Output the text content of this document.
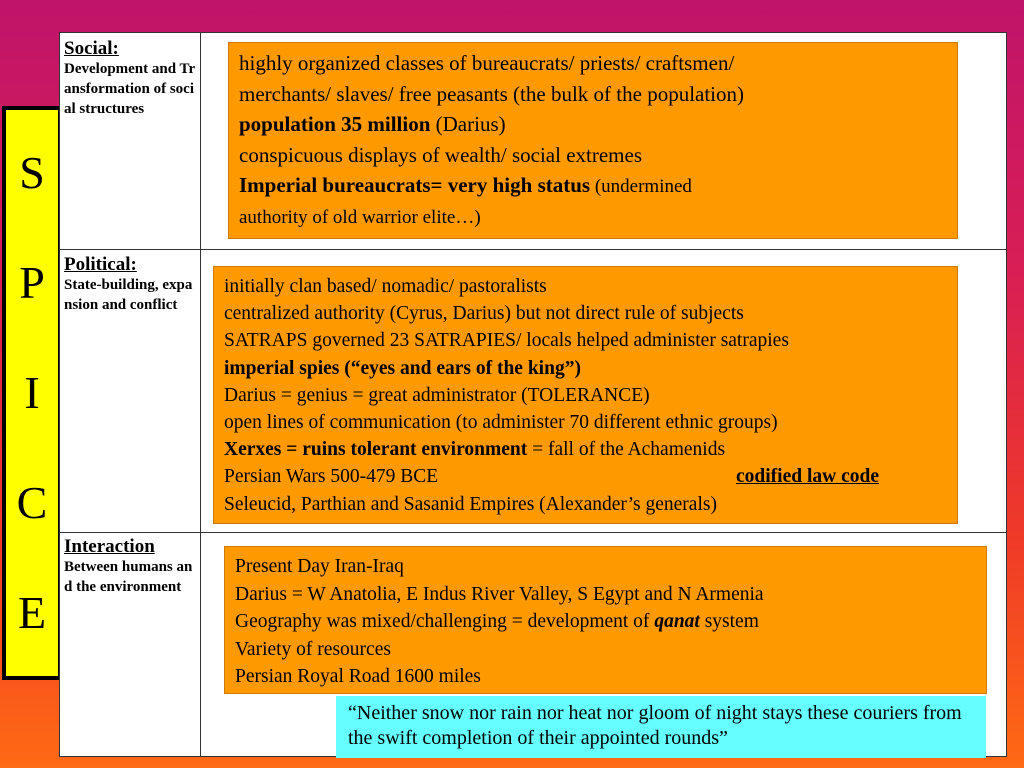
S
P
I
C
E
Social:
Development and Transformation of social structures
Political:
State-building, expansion and conflict
Interaction
Between humans and the environment
highly organized classes of bureaucrats/ priests/ craftsmen/
merchants/ slaves/ free peasants (the bulk of the population)
population 35 million (Darius)
conspicuous displays of wealth/ social extremes
Imperial bureaucrats= very high status (undermined
authority of old warrior elite…)
initially clan based/ nomadic/ pastoralists
centralized authority (Cyrus, Darius) but not direct rule of subjects
SATRAPS governed 23 SATRAPIES/ locals helped administer satrapies
imperial spies (“eyes and ears of the king”)
Darius = genius = great administrator (TOLERANCE)
open lines of communication (to administer 70 different ethnic groups)
Xerxes = ruins tolerant environment = fall of the Achamenids
Persian Wars 500-479 BCE	codified law code
Seleucid, Parthian and Sasanid Empires (Alexander’s generals)
Present Day Iran-Iraq
Darius = W Anatolia, E Indus River Valley, S Egypt and N Armenia
Geography was mixed/challenging = development of qanat system
Variety of resources
Persian Royal Road 1600 miles
“Neither snow nor rain nor heat nor gloom of night stays these couriers from the swift completion of their appointed rounds”
